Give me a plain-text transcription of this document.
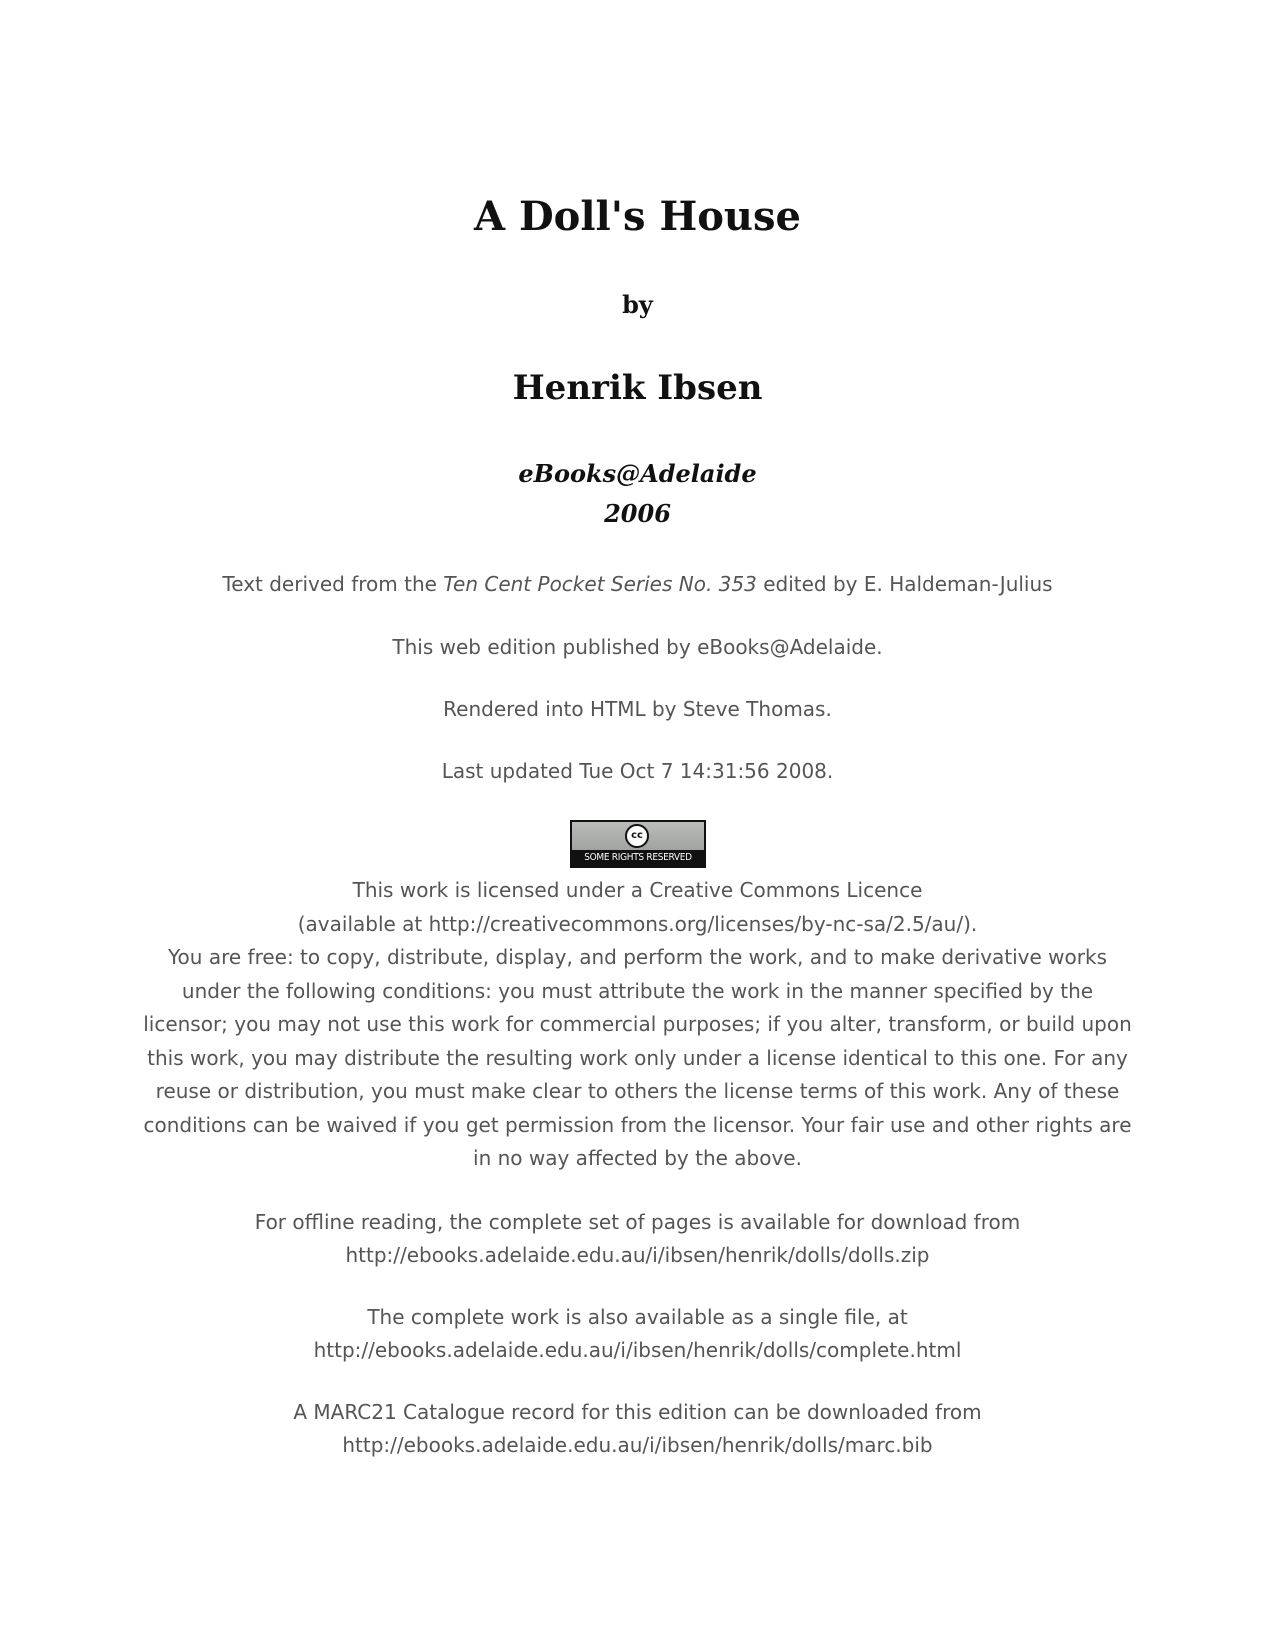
A Doll's House
by
Henrik Ibsen
eBooks@Adelaide
2006
Text derived from the Ten Cent Pocket Series No. 353 edited by E. Haldeman-Julius
This web edition published by eBooks@Adelaide.
Rendered into HTML by Steve Thomas.
Last updated Tue Oct 7 14:31:56 2008.
cc
SOME RIGHTS RESERVED
This work is licensed under a Creative Commons Licence
(available at http://creativecommons.org/licenses/by-nc-sa/2.5/au/).
You are free: to copy, distribute, display, and perform the work, and to make derivative works under the following conditions: you must attribute the work in the manner specified by the licensor; you may not use this work for commercial purposes; if you alter, transform, or build upon this work, you may distribute the resulting work only under a license identical to this one. For any reuse or distribution, you must make clear to others the license terms of this work. Any of these conditions can be waived if you get permission from the licensor. Your fair use and other rights are in no way affected by the above.
For offline reading, the complete set of pages is available for download from
http://ebooks.adelaide.edu.au/i/ibsen/henrik/dolls/dolls.zip
The complete work is also available as a single file, at
http://ebooks.adelaide.edu.au/i/ibsen/henrik/dolls/complete.html
A MARC21 Catalogue record for this edition can be downloaded from
http://ebooks.adelaide.edu.au/i/ibsen/henrik/dolls/marc.bib
